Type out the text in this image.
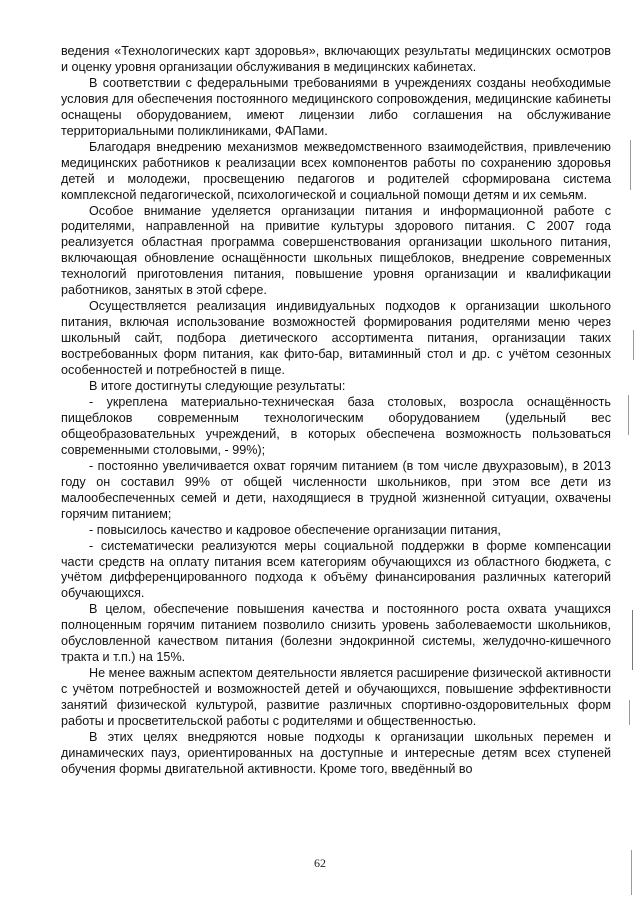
ведения «Технологических карт здоровья», включающих результаты медицинских осмотров и оценку уровня организации обслуживания в медицинских кабинетах.

В соответствии с федеральными требованиями в учреждениях созданы необходимые условия для обеспечения постоянного медицинского сопровождения, медицинские кабинеты оснащены оборудованием, имеют лицензии либо соглашения на обслуживание территориальными поликлиниками, ФАПами.

Благодаря внедрению механизмов межведомственного взаимодействия, привлечению медицинских работников к реализации всех компонентов работы по сохранению здоровья детей и молодежи, просвещению педагогов и родителей сформирована система комплексной педагогической, психологической и социальной помощи детям и их семьям.

Особое внимание уделяется организации питания и информационной работе с родителями, направленной на привитие культуры здорового питания. С 2007 года реализуется областная программа совершенствования организации школьного питания, включающая обновление оснащённости школьных пищеблоков, внедрение современных технологий приготовления питания, повышение уровня организации и квалификации работников, занятых в этой сфере.

Осуществляется реализация индивидуальных подходов к организации школьного питания, включая использование возможностей формирования родителями меню через школьный сайт, подбора диетического ассортимента питания, организации таких востребованных форм питания, как фито-бар, витаминный стол и др. с учётом сезонных особенностей и потребностей в пище.

В итоге достигнуты следующие результаты:

- укреплена материально-техническая база столовых, возросла оснащённость пищеблоков современным технологическим оборудованием (удельный вес общеобразовательных учреждений, в которых обеспечена возможность пользоваться современными столовыми, - 99%);

- постоянно увеличивается охват горячим питанием (в том числе двухразовым), в 2013 году он составил 99% от общей численности школьников, при этом все дети из малообеспеченных семей и дети, находящиеся в трудной жизненной ситуации, охвачены горячим питанием;

- повысилось качество и кадровое обеспечение организации питания,

- систематически реализуются меры социальной поддержки в форме компенсации части средств на оплату питания всем категориям обучающихся из областного бюджета, с учётом дифференцированного подхода к объёму финансирования различных категорий обучающихся.

В целом, обеспечение повышения качества и постоянного роста охвата учащихся полноценным горячим питанием позволило снизить уровень заболеваемости школьников, обусловленной качеством питания (болезни эндокринной системы, желудочно-кишечного тракта и т.п.) на 15%.

Не менее важным аспектом деятельности является расширение физической активности с учётом потребностей и возможностей детей и обучающихся, повышение эффективности занятий физической культурой, развитие различных спортивно-оздоровительных форм работы и просветительской работы с родителями и общественностью.

В этих целях внедряются новые подходы к организации школьных перемен и динамических пауз, ориентированных на доступные и интересные детям всех ступеней обучения формы двигательной активности. Кроме того, введённый во

62
